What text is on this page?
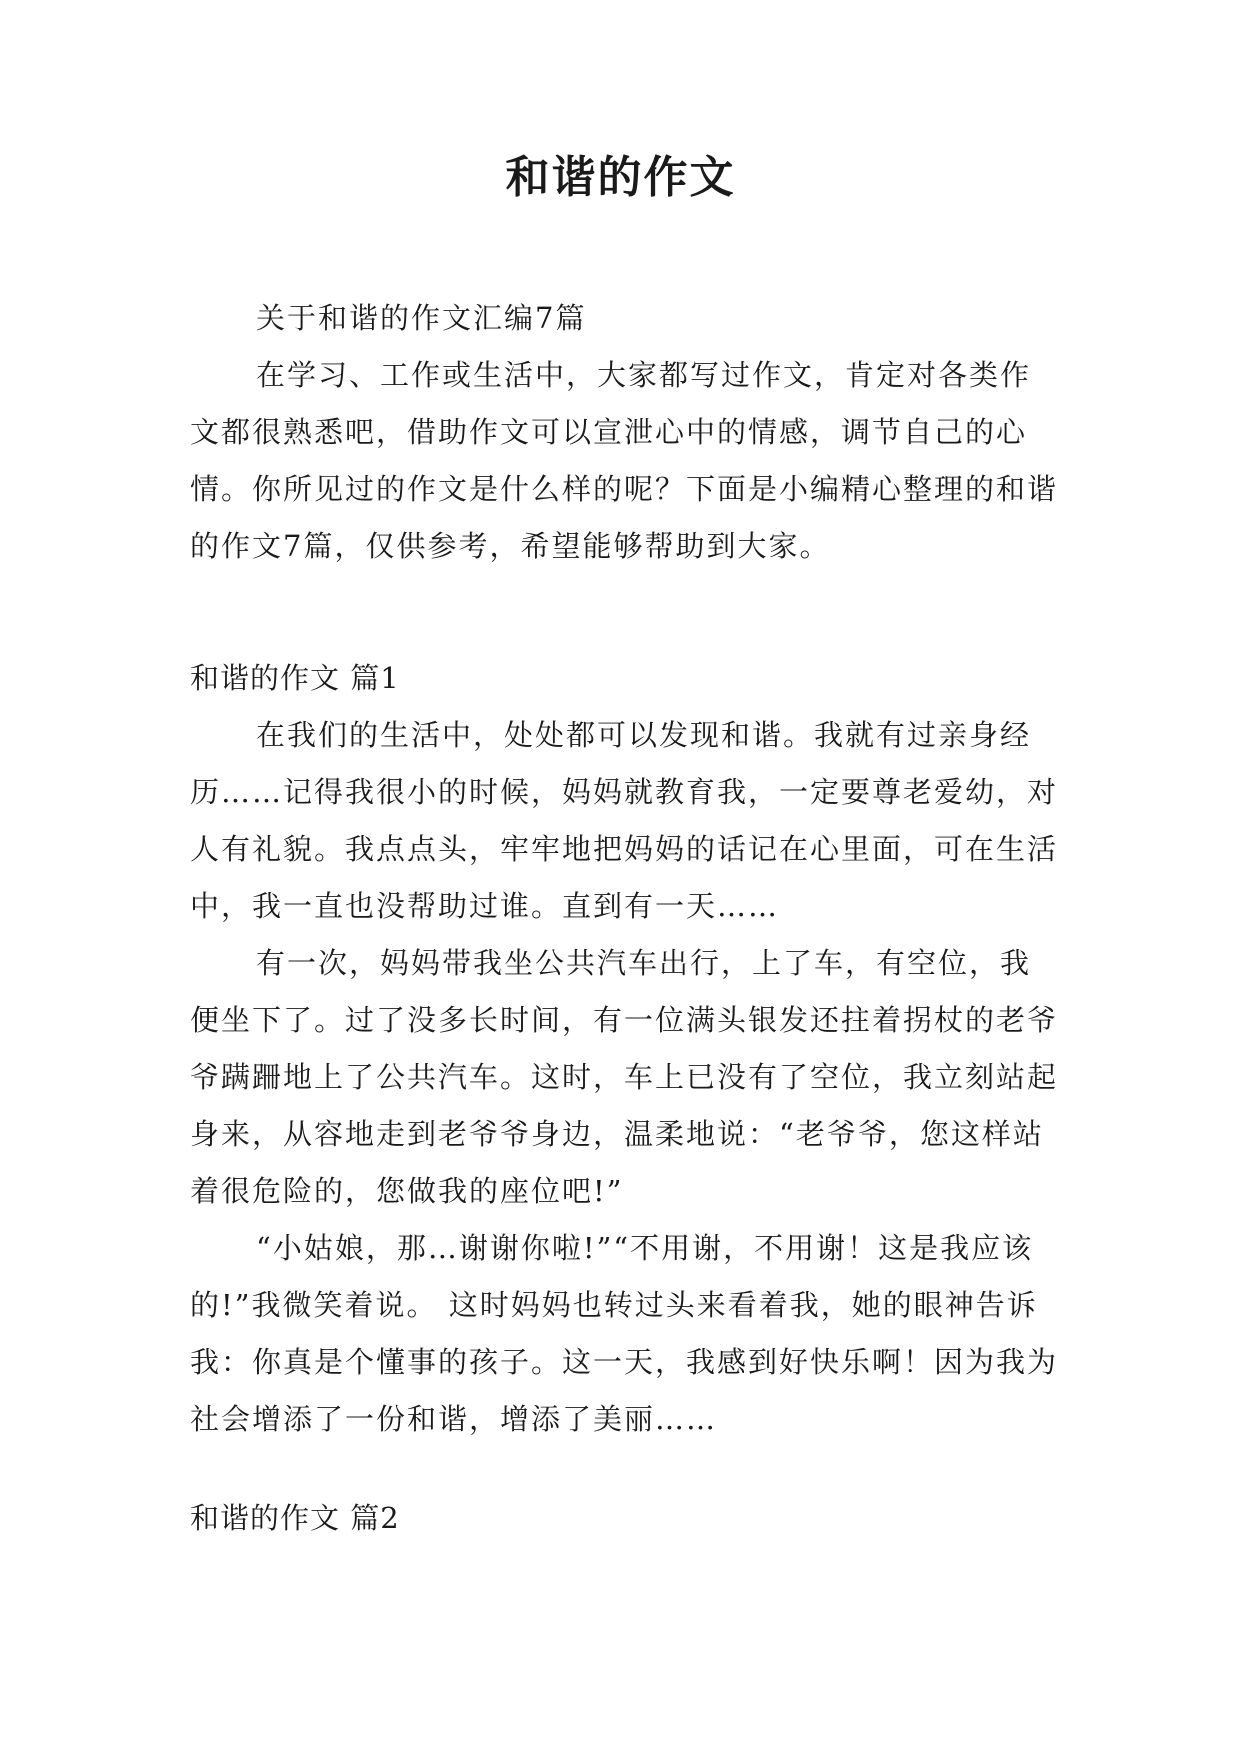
和谐的作文

关于和谐的作文汇编7篇

在学习、工作或生活中，大家都写过作文，肯定对各类作文都很熟悉吧，借助作文可以宣泄心中的情感，调节自己的心情。你所见过的作文是什么样的呢？下面是小编精心整理的和谐的作文7篇，仅供参考，希望能够帮助到大家。

和谐的作文 篇1

在我们的生活中，处处都可以发现和谐。我就有过亲身经历……记得我很小的时候，妈妈就教育我，一定要尊老爱幼，对人有礼貌。我点点头，牢牢地把妈妈的话记在心里面，可在生活中，我一直也没帮助过谁。直到有一天……

有一次，妈妈带我坐公共汽车出行，上了车，有空位，我便坐下了。过了没多长时间，有一位满头银发还拄着拐杖的老爷爷蹒跚地上了公共汽车。这时，车上已没有了空位，我立刻站起身来，从容地走到老爷爷身边，温柔地说：“老爷爷，您这样站着很危险的，您做我的座位吧!”

“小姑娘，那…谢谢你啦!”“不用谢，不用谢！这是我应该的!”我微笑着说。 这时妈妈也转过头来看着我，她的眼神告诉我：你真是个懂事的孩子。这一天，我感到好快乐啊！因为我为社会增添了一份和谐，增添了美丽……

和谐的作文 篇2
